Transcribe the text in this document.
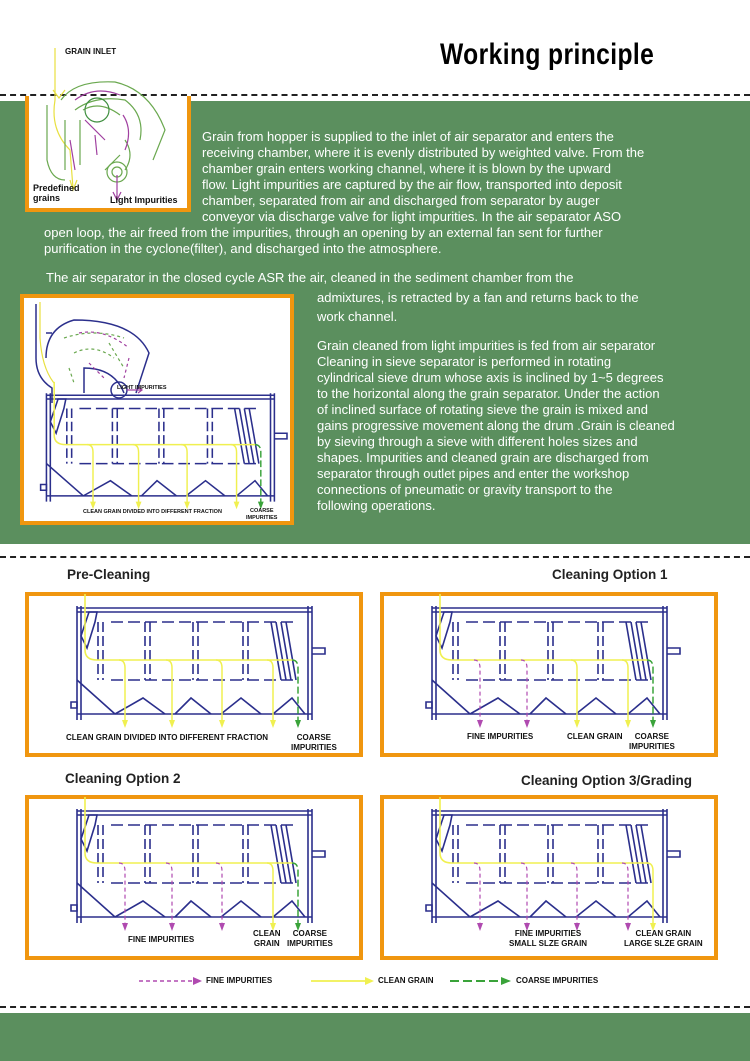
Working principle
GRAIN INLET
Predefined
grains	Light Impurities
Grain from hopper is supplied to the inlet of air separator and enters the
receiving chamber, where it is evenly distributed by weighted valve. From the
chamber grain enters working channel, where it is blown by the upward
flow. Light impurities are captured by the air flow, transported into deposit
chamber, separated from air and discharged from separator by auger
conveyor via discharge valve for light impurities. In the air separator ASO
open loop, the air freed from the impurities, through an opening by an external fan sent for further
purification in the cyclone(filter), and discharged into the atmosphere.
The air separator in the closed cycle ASR the air, cleaned in the sediment chamber from the
admixtures, is retracted by a fan and returns back to the
work channel.
Grain cleaned from light impurities is fed from air separator
Cleaning in sieve separator is performed in rotating
cylindrical sieve drum whose axis is inclined by 1~5 degrees
to the horizontal along the grain separator. Under the action
of inclined surface of rotating sieve the grain is mixed and
gains progressive movement along the drum .Grain is cleaned
by sieving through a sieve with different holes sizes and
shapes. Impurities and cleaned grain are discharged from
separator through outlet pipes and enter the workshop
connections of pneumatic or gravity transport to the
following operations.
LIGHT IMPURITIES
CLEAN GRAIN DIVIDED INTO DIFFERENT FRACTION	COARSE
IMPURITIES
Pre-Cleaning	Cleaning Option 1
Cleaning Option 2	Cleaning Option 3/Grading
CLEAN GRAIN DIVIDED INTO DIFFERENT FRACTION	COARSE
IMPURITIES
FINE IMPURITIES	CLEAN GRAIN	COARSE
IMPURITIES
FINE IMPURITIES
CLEAN
GRAIN
COARSE
IMPURITIES
FINE IMPURITIES
SMALL SLZE GRAIN
CLEAN GRAIN
LARGE SLZE GRAIN
FINE IMPURITIES	CLEAN GRAIN	COARSE IMPURITIES
